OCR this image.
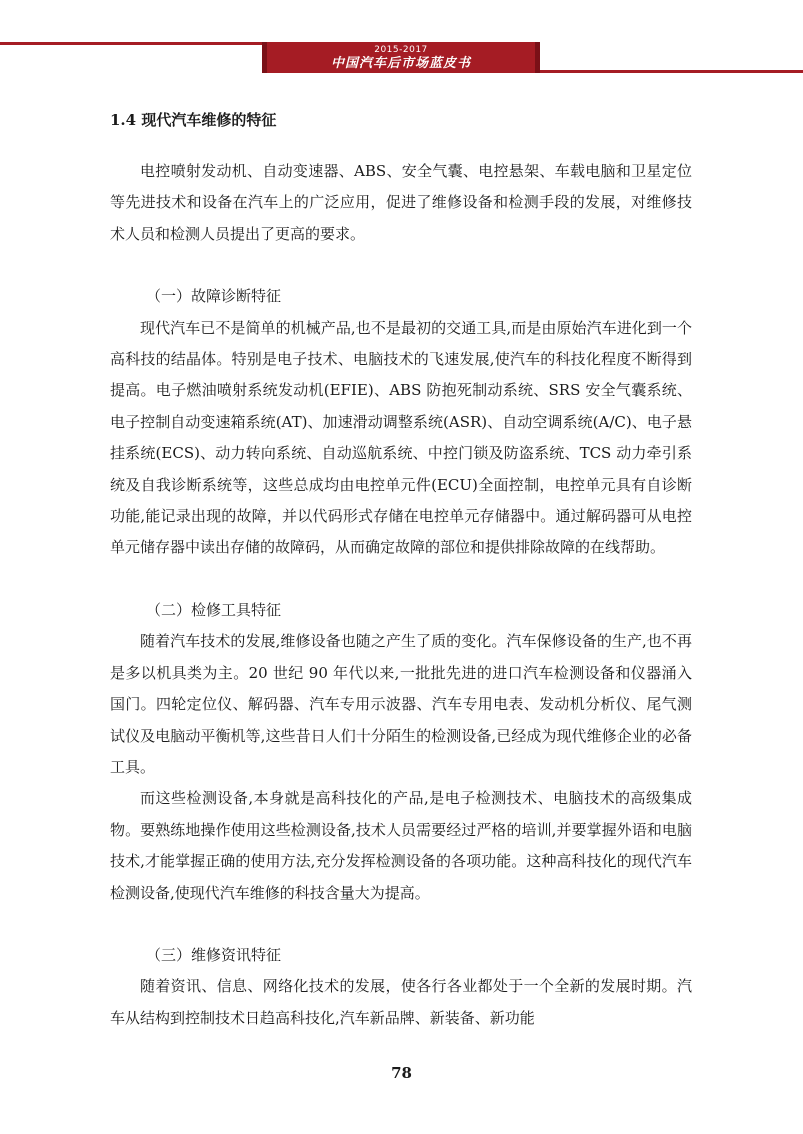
2015-2017
中国汽车后市场蓝皮书
1.4 现代汽车维修的特征

电控喷射发动机、自动变速器、ABS、安全气囊、电控悬架、车载电脑和卫星定位等先进技术和设备在汽车上的广泛应用，促进了维修设备和检测手段的发展，对维修技术人员和检测人员提出了更高的要求。

（一）故障诊断特征

现代汽车已不是简单的机械产品,也不是最初的交通工具,而是由原始汽车进化到一个高科技的结晶体。特别是电子技术、电脑技术的飞速发展,使汽车的科技化程度不断得到提高。电子燃油喷射系统发动机(EFIE)、ABS 防抱死制动系统、SRS 安全气囊系统、电子控制自动变速箱系统(AT)、加速滑动调整系统(ASR)、自动空调系统(A/C)、电子悬挂系统(ECS)、动力转向系统、自动巡航系统、中控门锁及防盗系统、TCS 动力牵引系统及自我诊断系统等，这些总成均由电控单元件(ECU)全面控制，电控单元具有自诊断功能,能记录出现的故障，并以代码形式存储在电控单元存储器中。通过解码器可从电控单元储存器中读出存储的故障码，从而确定故障的部位和提供排除故障的在线帮助。

（二）检修工具特征

随着汽车技术的发展,维修设备也随之产生了质的变化。汽车保修设备的生产,也不再是多以机具类为主。20 世纪 90 年代以来,一批批先进的进口汽车检测设备和仪器涌入国门。四轮定位仪、解码器、汽车专用示波器、汽车专用电表、发动机分析仪、尾气测试仪及电脑动平衡机等,这些昔日人们十分陌生的检测设备,已经成为现代维修企业的必备工具。

而这些检测设备,本身就是高科技化的产品,是电子检测技术、电脑技术的高级集成物。要熟练地操作使用这些检测设备,技术人员需要经过严格的培训,并要掌握外语和电脑技术,才能掌握正确的使用方法,充分发挥检测设备的各项功能。这种高科技化的现代汽车检测设备,使现代汽车维修的科技含量大为提高。

（三）维修资讯特征

随着资讯、信息、网络化技术的发展，使各行各业都处于一个全新的发展时期。汽车从结构到控制技术日趋高科技化,汽车新品牌、新装备、新功能

78
